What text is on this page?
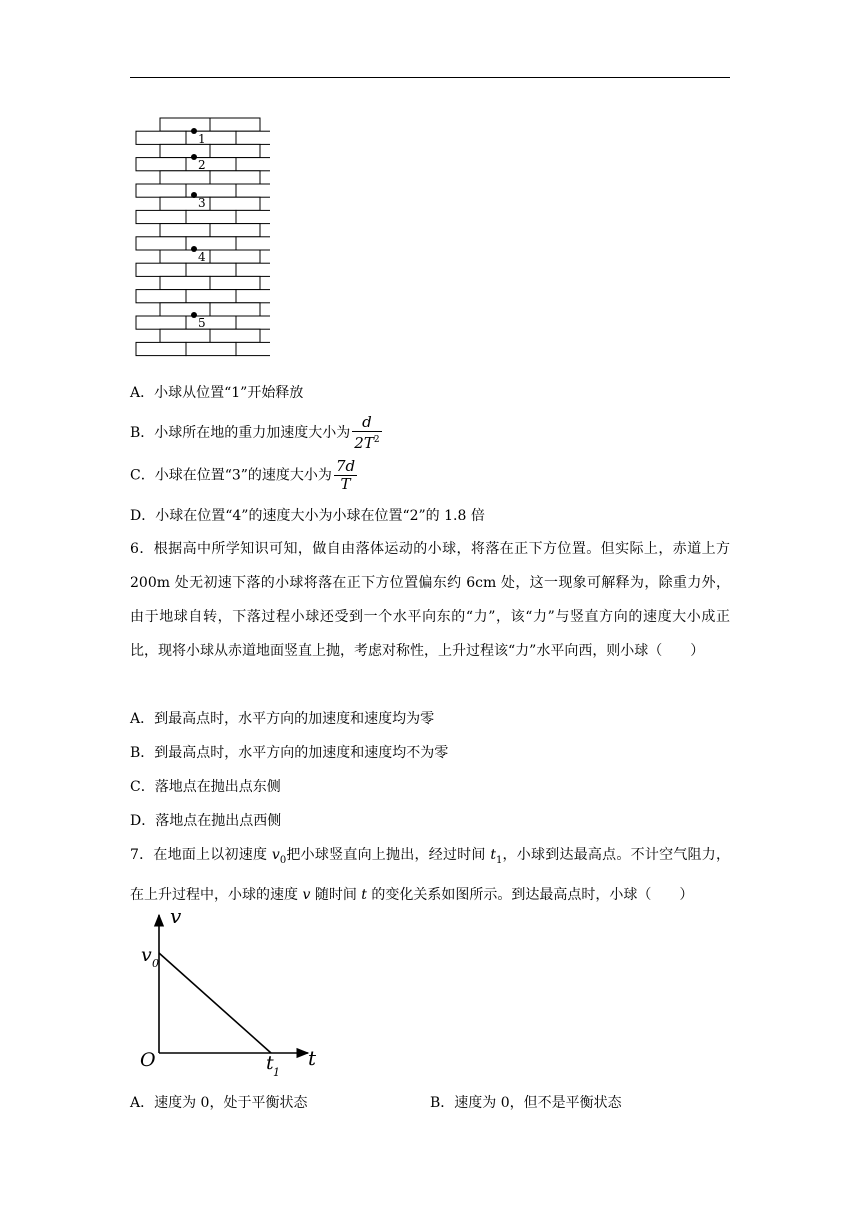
1
2
3
4
5
A．小球从位置“1”开始释放
B．小球所在地的重力加速度大小为 $\frac{d}{2T^2}$
C．小球在位置“3”的速度大小为 $\frac{7d}{T}$
D．小球在位置“4”的速度大小为小球在位置“2”的 1.8 倍
6．根据高中所学知识可知，做自由落体运动的小球，将落在正下方位置。但实际上，赤道上方 200m 处无初速下落的小球将落在正下方位置偏东约 6cm 处，这一现象可解释为，除重力外，由于地球自转，下落过程小球还受到一个水平向东的“力”，该“力”与竖直方向的速度大小成正比，现将小球从赤道地面竖直上抛，考虑对称性，上升过程该“力”水平向西，则小球（　　）
A．到最高点时，水平方向的加速度和速度均为零
B．到最高点时，水平方向的加速度和速度均不为零
C．落地点在抛出点东侧
D．落地点在抛出点西侧
7．在地面上以初速度 $v_0$把小球竖直向上抛出，经过时间 $t_1$，小球到达最高点。不计空气阻力，在上升过程中，小球的速度 v 随时间 t 的变化关系如图所示。到达最高点时，小球（　　）
v
t
O
v 0
t 1
A．速度为 0，处于平衡状态	B．速度为 0，但不是平衡状态
